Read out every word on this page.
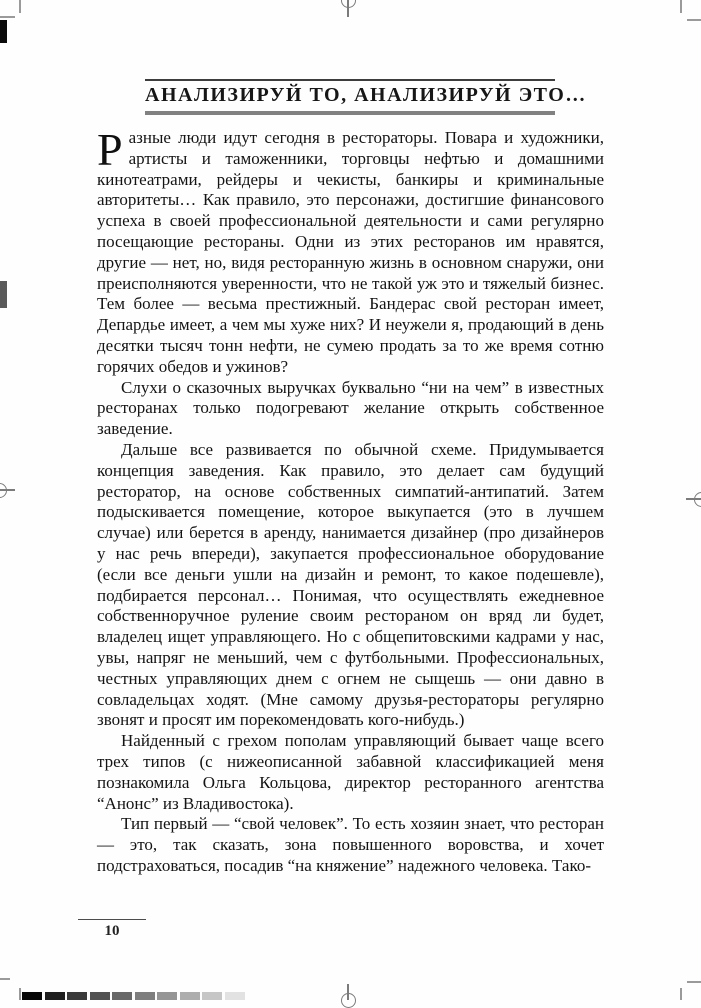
АНАЛИЗИРУЙ ТО, АНАЛИЗИРУЙ ЭТО…

Разные люди идут сегодня в рестораторы. Повара и художники, артисты и таможенники, торговцы нефтью и домашними кинотеатрами, рейдеры и чекисты, банкиры и криминальные авторитеты… Как правило, это персонажи, достигшие финансового успеха в своей профессиональной деятельности и сами регулярно посещающие рестораны. Одни из этих ресторанов им нравятся, другие — нет, но, видя ресторанную жизнь в основном снаружи, они преисполняются уверенности, что не такой уж это и тяжелый бизнес. Тем более — весьма престижный. Бандерас свой ресторан имеет, Депардье имеет, а чем мы хуже них? И неужели я, продающий в день десятки тысяч тонн нефти, не сумею продать за то же время сотню горячих обедов и ужинов?

Слухи о сказочных выручках буквально “ни на чем” в известных ресторанах только подогревают желание открыть собственное заведение.

Дальше все развивается по обычной схеме. Придумывается концепция заведения. Как правило, это делает сам будущий ресторатор, на основе собственных симпатий-антипатий. Затем подыскивается помещение, которое выкупается (это в лучшем случае) или берется в аренду, нанимается дизайнер (про дизайнеров у нас речь впереди), закупается профессиональное оборудование (если все деньги ушли на дизайн и ремонт, то какое подешевле), подбирается персонал… Понимая, что осуществлять ежедневное собственноручное руление своим рестораном он вряд ли будет, владелец ищет управляющего. Но с общепитовскими кадрами у нас, увы, напряг не меньший, чем с футбольными. Профессиональных, честных управляющих днем с огнем не сыщешь — они давно в совладельцах ходят. (Мне самому друзья-рестораторы регулярно звонят и просят им порекомендовать кого-нибудь.)

Найденный с грехом пополам управляющий бывает чаще всего трех типов (с нижеописанной забавной классификацией меня познакомила Ольга Кольцова, директор ресторанного агентства “Анонс” из Владивостока).

Тип первый — “свой человек”. То есть хозяин знает, что ресторан — это, так сказать, зона повышенного воровства, и хочет подстраховаться, посадив “на княжение” надежного человека. Тако-

10
